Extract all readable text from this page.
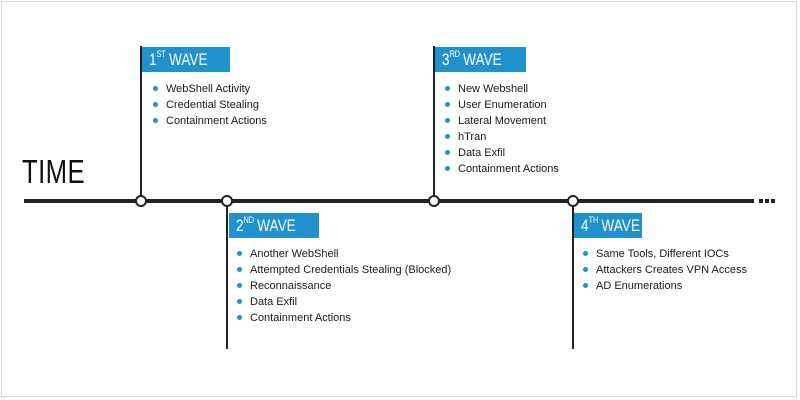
TIME
1ST WAVE
WebShell Activity
Credential Stealing
Containment Actions
2ND WAVE
Another WebShell
Attempted Credentials Stealing (Blocked)
Reconnaissance
Data Exfil
Containment Actions
3RD WAVE
New Webshell
User Enumeration
Lateral Movement
hTran
Data Exfil
Containment Actions
4TH WAVE
Same Tools, Different IOCs
Attackers Creates VPN Access
AD Enumerations
